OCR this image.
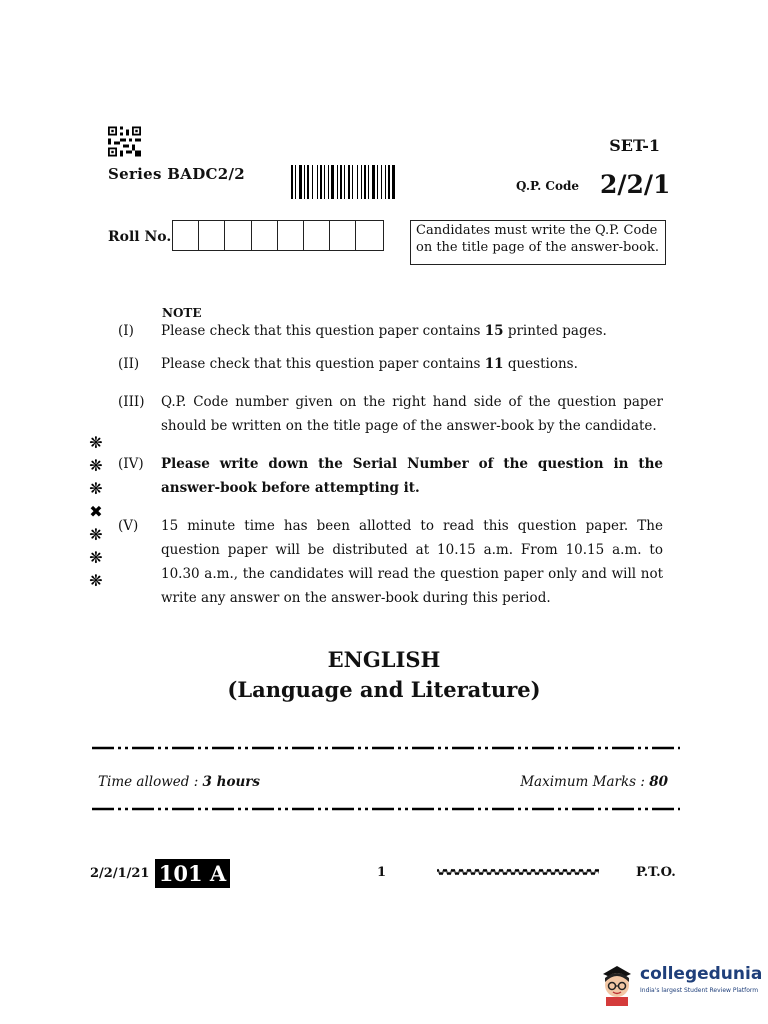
SET-1
Series BADC2/2
Q.P. Code 2/2/1
Roll No.	Candidates must write the Q.P. Code
on the title page of the answer-book.
NOTE
(I) Please check that this question paper contains 15 printed pages.
(II) Please check that this question paper contains 11 questions.
(III) Q.P. Code number given on the right hand side of the question paper should be written on the title page of the answer-book by the candidate.
(IV) Please write down the Serial Number of the question in the answer-book before attempting it.
(V) 15 minute time has been allotted to read this question paper. The question paper will be distributed at 10.15 a.m. From 10.15 a.m. to 10.30 a.m., the candidates will read the question paper only and will not write any answer on the answer-book during this period.
❋
❋
❋
✖
❋
❋
❋
ENGLISH
(Language and Literature)
Time allowed : 3 hours	Maximum Marks : 80
2/2/1/21 101 A	1	P.T.O.
collegedunia
India's largest Student Review Platform
